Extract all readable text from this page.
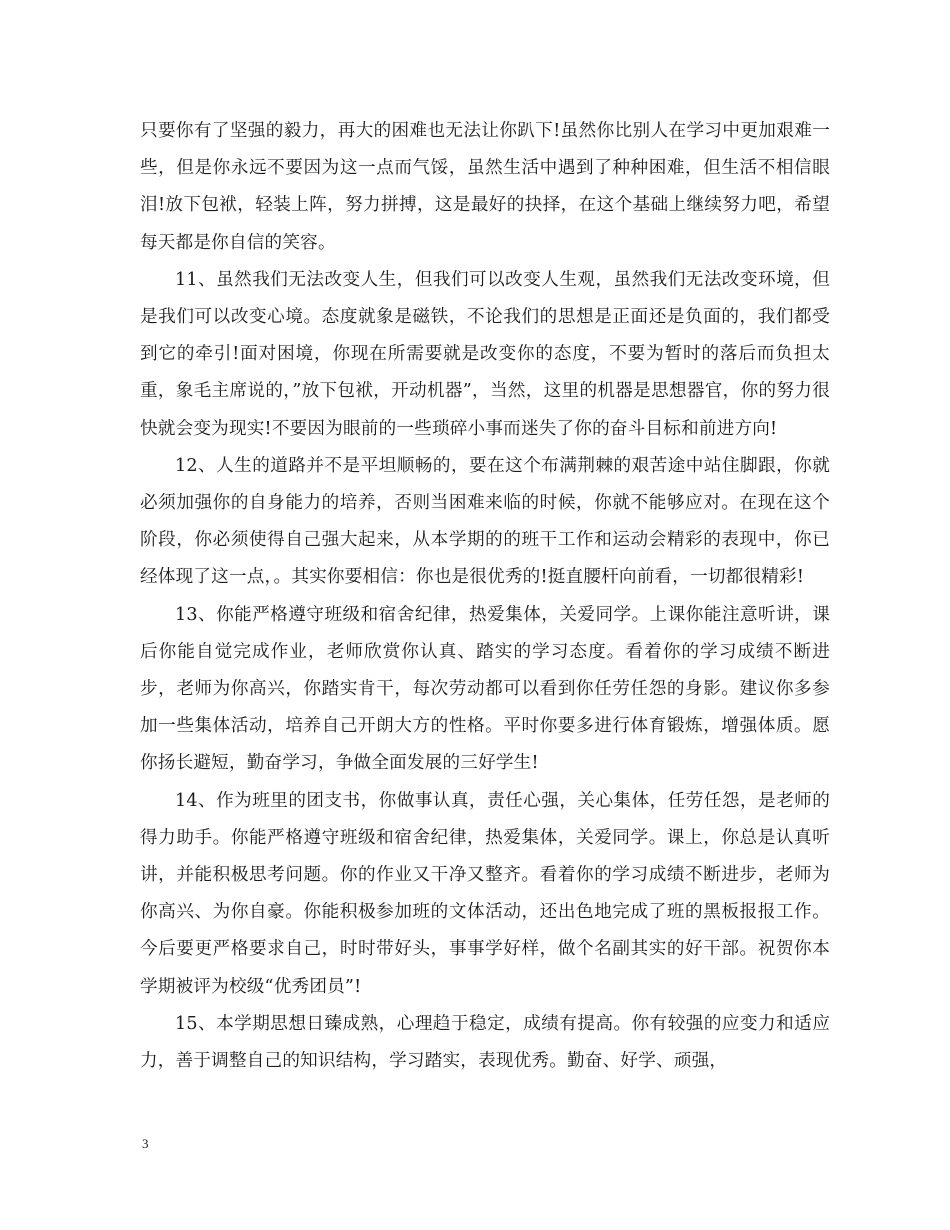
只要你有了坚强的毅力，再大的困难也无法让你趴下!虽然你比别人在学习中更加艰难一些，但是你永远不要因为这一点而气馁，虽然生活中遇到了种种困难，但生活不相信眼泪!放下包袱，轻装上阵，努力拼搏，这是最好的抉择，在这个基础上继续努力吧，希望每天都是你自信的笑容。

11、虽然我们无法改变人生，但我们可以改变人生观，虽然我们无法改变环境，但是我们可以改变心境。态度就象是磁铁，不论我们的思想是正面还是负面的，我们都受到它的牵引!面对困境，你现在所需要就是改变你的态度，不要为暂时的落后而负担太重，象毛主席说的，”放下包袱，开动机器”，当然，这里的机器是思想器官，你的努力很快就会变为现实!不要因为眼前的一些琐碎小事而迷失了你的奋斗目标和前进方向!

12、人生的道路并不是平坦顺畅的，要在这个布满荆棘的艰苦途中站住脚跟，你就必须加强你的自身能力的培养，否则当困难来临的时候，你就不能够应对。在现在这个阶段，你必须使得自己强大起来，从本学期的的班干工作和运动会精彩的表现中，你已经体现了这一点，。其实你要相信：你也是很优秀的!挺直腰杆向前看，一切都很精彩!

13、你能严格遵守班级和宿舍纪律，热爱集体，关爱同学。上课你能注意听讲，课后你能自觉完成作业，老师欣赏你认真、踏实的学习态度。看着你的学习成绩不断进步，老师为你高兴，你踏实肯干，每次劳动都可以看到你任劳任怨的身影。建议你多参加一些集体活动，培养自己开朗大方的性格。平时你要多进行体育锻炼，增强体质。愿你扬长避短，勤奋学习，争做全面发展的三好学生!

14、作为班里的团支书，你做事认真，责任心强，关心集体，任劳任怨，是老师的得力助手。你能严格遵守班级和宿舍纪律，热爱集体，关爱同学。课上，你总是认真听讲，并能积极思考问题。你的作业又干净又整齐。看着你的学习成绩不断进步，老师为你高兴、为你自豪。你能积极参加班的文体活动，还出色地完成了班的黑板报报工作。今后要更严格要求自己，时时带好头，事事学好样，做个名副其实的好干部。祝贺你本学期被评为校级“优秀团员”!

15、本学期思想日臻成熟，心理趋于稳定，成绩有提高。你有较强的应变力和适应力，善于调整自己的知识结构，学习踏实，表现优秀。勤奋、好学、顽强，

3
